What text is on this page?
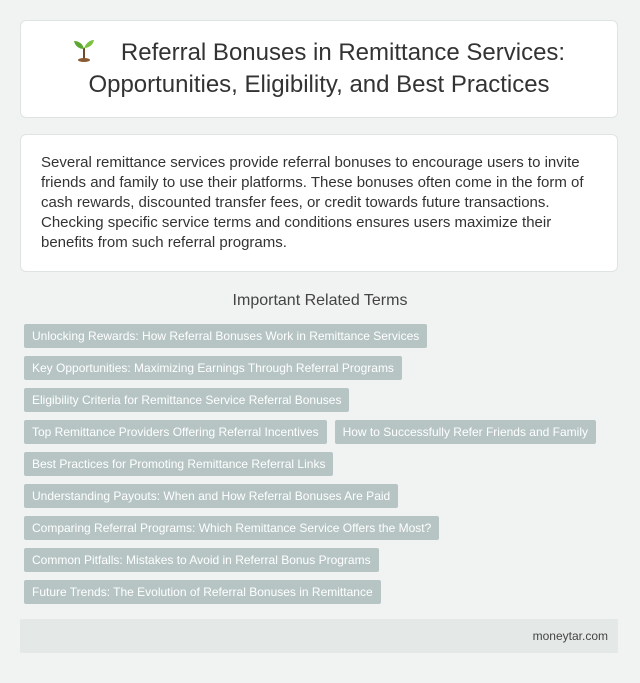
Referral Bonuses in Remittance Services: Opportunities, Eligibility, and Best Practices

Several remittance services provide referral bonuses to encourage users to invite friends and family to use their platforms. These bonuses often come in the form of cash rewards, discounted transfer fees, or credit towards future transactions. Checking specific service terms and conditions ensures users maximize their benefits from such referral programs.

Important Related Terms
Unlocking Rewards: How Referral Bonuses Work in Remittance Services
Key Opportunities: Maximizing Earnings Through Referral Programs
Eligibility Criteria for Remittance Service Referral Bonuses
Top Remittance Providers Offering Referral Incentives	How to Successfully Refer Friends and Family
Best Practices for Promoting Remittance Referral Links
Understanding Payouts: When and How Referral Bonuses Are Paid
Comparing Referral Programs: Which Remittance Service Offers the Most?
Common Pitfalls: Mistakes to Avoid in Referral Bonus Programs
Future Trends: The Evolution of Referral Bonuses in Remittance
moneytar.com
